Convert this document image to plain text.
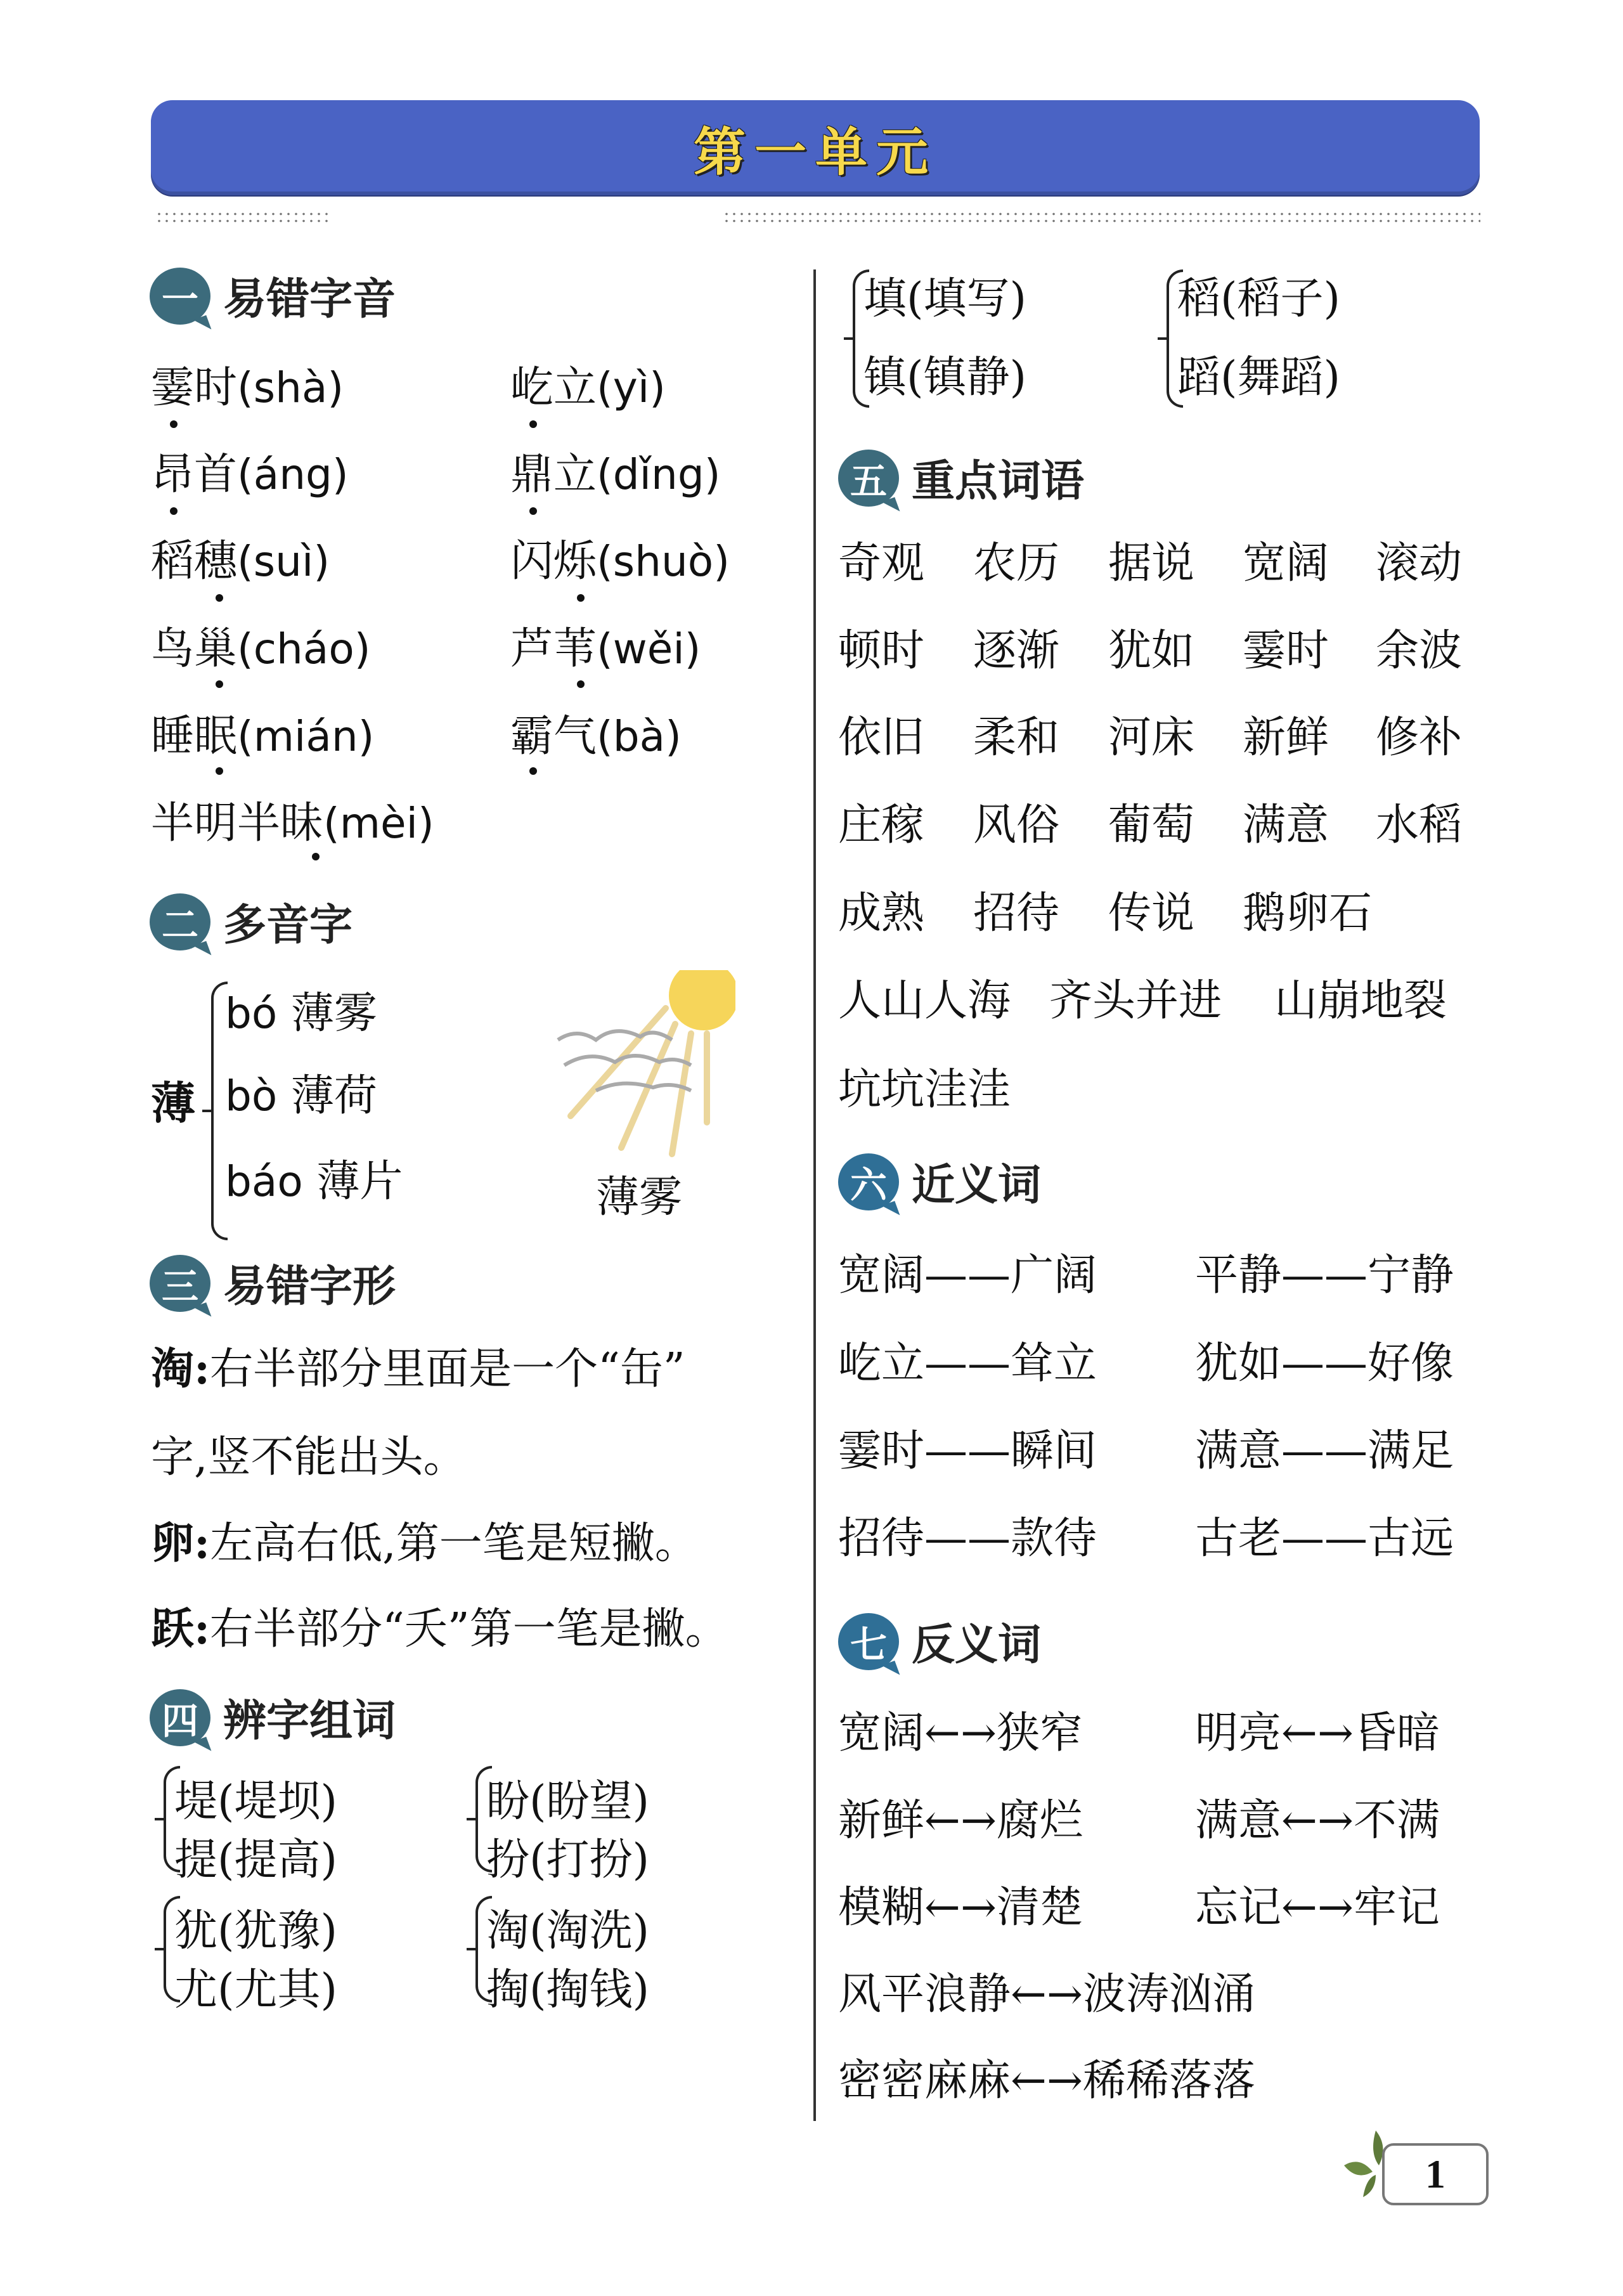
第一单元
一 易错字音
霎时(shà)	屹立(yì)
昂首(áng)	鼎立(dǐng)
稻穗(suì)	闪烁(shuò)
鸟巢(cháo)	芦苇(wěi)
睡眠(mián)	霸气(bà)
半明半昧(mèi)
二 多音字
薄
bó 薄雾
bò 薄荷
báo 薄片	薄雾
三 易错字形
淘:右半部分里面是一个“缶”
字,竖不能出头。
卵:左高右低,第一笔是短撇。
跃:右半部分“夭”第一笔是撇。
四 辨字组词
堤(堤坝)
提(提高)
盼(盼望)
扮(打扮)
犹(犹豫)
尤(尤其)
淘(淘洗)
掏(掏钱)
填(填写)
镇(镇静)
稻(稻子)
蹈(舞蹈)
五 重点词语
奇观 农历 据说 宽阔 滚动
顿时 逐渐 犹如 霎时 余波
依旧 柔和 河床 新鲜 修补
庄稼 风俗 葡萄 满意 水稻
成熟 招待 传说 鹅卵石
人山人海 齐头并进 山崩地裂
坑坑洼洼
六 近义词
宽阔——广阔 平静——宁静
屹立——耸立 犹如——好像
霎时——瞬间 满意——满足
招待——款待 古老——古远
七 反义词
宽阔←→狭窄	明亮←→昏暗
新鲜←→腐烂	满意←→不满
模糊←→清楚	忘记←→牢记
风平浪静←→波涛汹涌
密密麻麻←→稀稀落落
1
